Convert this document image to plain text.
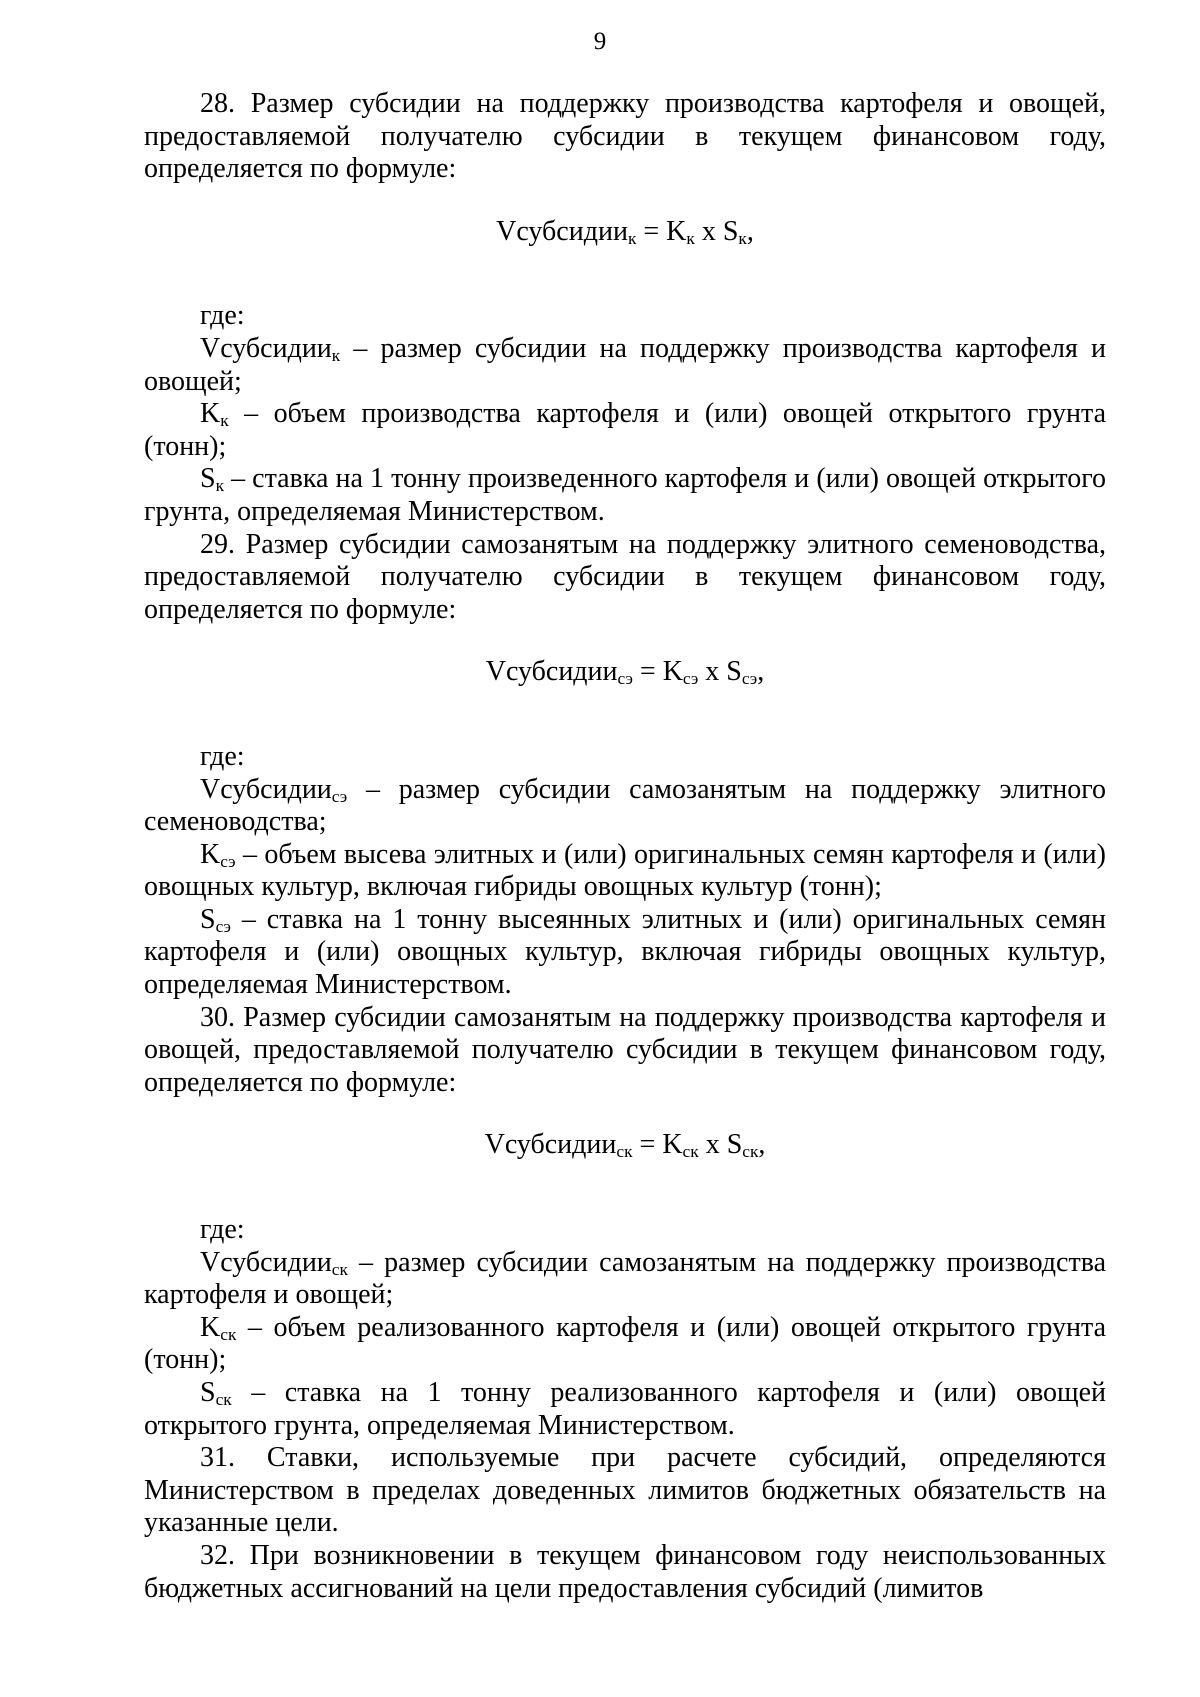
9

28. Размер субсидии на поддержку производства картофеля и овощей, предоставляемой получателю субсидии в текущем финансовом году, определяется по формуле:

Vсубсидии$_к$ = $K_к$ x $S_к$,

где:

Vсубсидии$_к$ – размер субсидии на поддержку производства картофеля и овощей;

$K_к$ – объем производства картофеля и (или) овощей открытого грунта (тонн);

$S_к$ – ставка на 1 тонну произведенного картофеля и (или) овощей открытого грунта, определяемая Министерством.

29. Размер субсидии самозанятым на поддержку элитного семеноводства, предоставляемой получателю субсидии в текущем финансовом году, определяется по формуле:

Vсубсидии$_{сэ}$ = $K_{сэ}$ x $S_{сэ}$,

где:

Vсубсидии$_{сэ}$ – размер субсидии самозанятым на поддержку элитного семеноводства;

$K_{сэ}$ – объем высева элитных и (или) оригинальных семян картофеля и (или) овощных культур, включая гибриды овощных культур (тонн);

$S_{сэ}$ – ставка на 1 тонну высеянных элитных и (или) оригинальных семян картофеля и (или) овощных культур, включая гибриды овощных культур, определяемая Министерством.

30. Размер субсидии самозанятым на поддержку производства картофеля и овощей, предоставляемой получателю субсидии в текущем финансовом году, определяется по формуле:

Vсубсидии$_{ск}$ = $K_{ск}$ x $S_{ск}$,

где:

Vсубсидии$_{ск}$ – размер субсидии самозанятым на поддержку производства картофеля и овощей;

$K_{ск}$ – объем реализованного картофеля и (или) овощей открытого грунта (тонн);

$S_{ск}$ – ставка на 1 тонну реализованного картофеля и (или) овощей открытого грунта, определяемая Министерством.

31. Ставки, используемые при расчете субсидий, определяются Министерством в пределах доведенных лимитов бюджетных обязательств на указанные цели.

32. При возникновении в текущем финансовом году неиспользованных бюджетных ассигнований на цели предоставления субсидий (лимитов
